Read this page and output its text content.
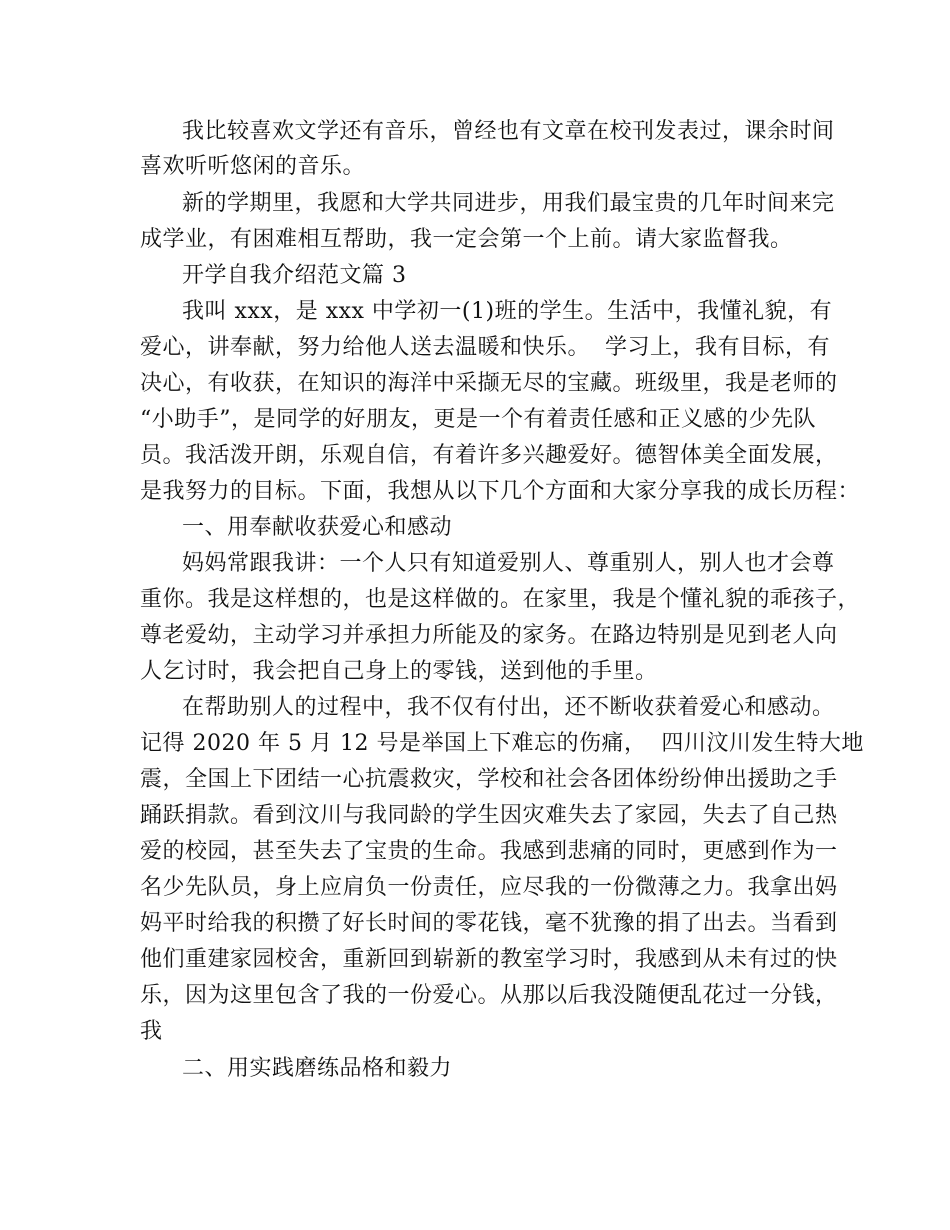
我比较喜欢文学还有音乐，曾经也有文章在校刊发表过，课余时间
喜欢听听悠闲的音乐。
新的学期里，我愿和大学共同进步，用我们最宝贵的几年时间来完
成学业，有困难相互帮助，我一定会第一个上前。请大家监督我。
开学自我介绍范文篇 3
我叫 xxx，是 xxx 中学初一(1)班的学生。生活中，我懂礼貌，有
爱心，讲奉献，努力给他人送去温暖和快乐。  学习上，我有目标，有
决心，有收获，在知识的海洋中采撷无尽的宝藏。班级里，我是老师的
“小助手”，是同学的好朋友，更是一个有着责任感和正义感的少先队
员。我活泼开朗，乐观自信，有着许多兴趣爱好。德智体美全面发展，
是我努力的目标。下面，我想从以下几个方面和大家分享我的成长历程：
一、用奉献收获爱心和感动
妈妈常跟我讲：一个人只有知道爱别人、尊重别人，别人也才会尊
重你。我是这样想的，也是这样做的。在家里，我是个懂礼貌的乖孩子，
尊老爱幼，主动学习并承担力所能及的家务。在路边特别是见到老人向
人乞讨时，我会把自己身上的零钱，送到他的手里。
在帮助别人的过程中，我不仅有付出，还不断收获着爱心和感动。
记得 2020 年 5 月 12 号是举国上下难忘的伤痛，  四川汶川发生特大地
震，全国上下团结一心抗震救灾，学校和社会各团体纷纷伸出援助之手
踊跃捐款。看到汶川与我同龄的学生因灾难失去了家园，失去了自己热
爱的校园，甚至失去了宝贵的生命。我感到悲痛的同时，更感到作为一
名少先队员，身上应肩负一份责任，应尽我的一份微薄之力。我拿出妈
妈平时给我的积攒了好长时间的零花钱，毫不犹豫的捐了出去。当看到
他们重建家园校舍，重新回到崭新的教室学习时，我感到从未有过的快
乐，因为这里包含了我的一份爱心。从那以后我没随便乱花过一分钱，
我
二、用实践磨练品格和毅力
